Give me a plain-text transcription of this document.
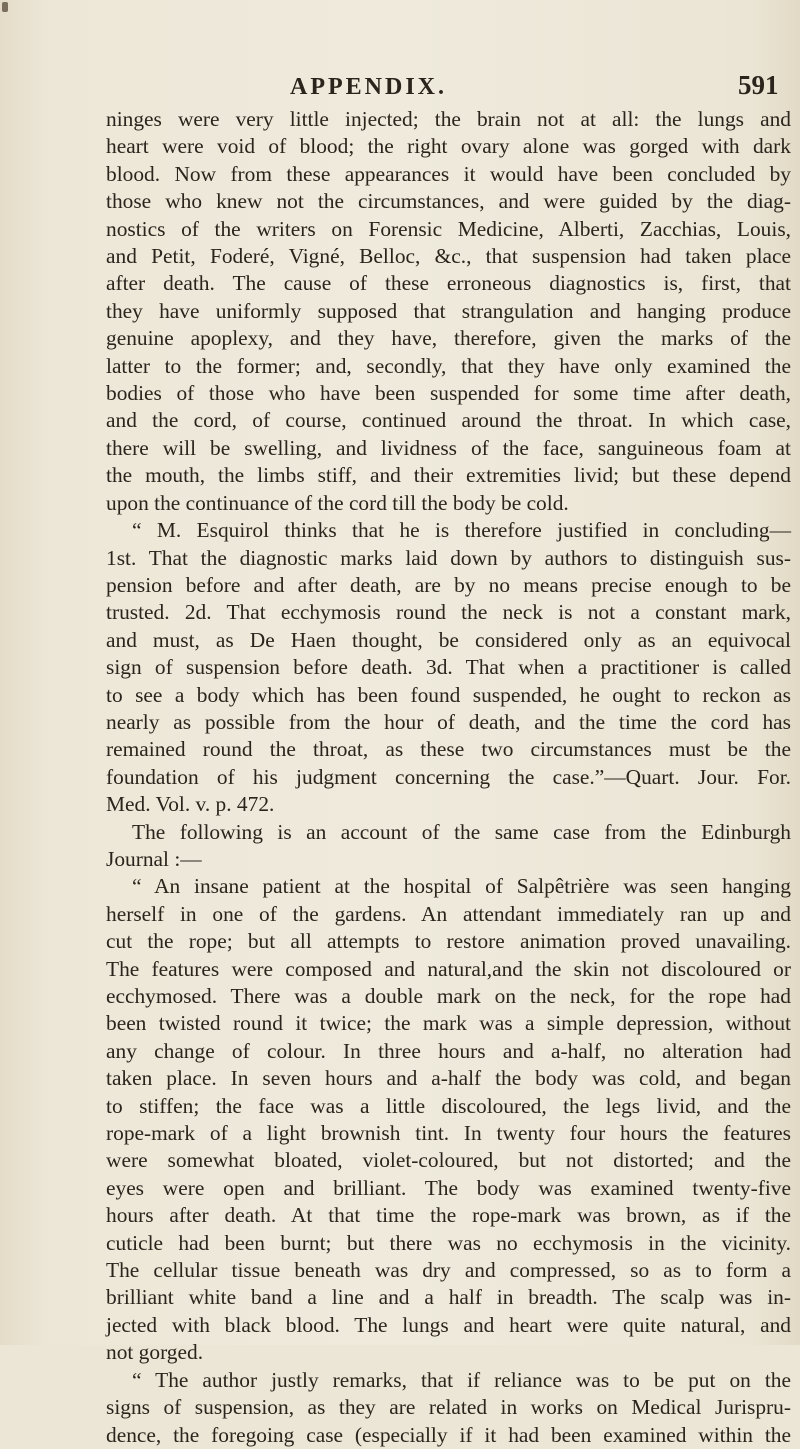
APPENDIX.	591

ninges were very little injected; the brain not at all: the lungs and
heart were void of blood; the right ovary alone was gorged with dark
blood. Now from these appearances it would have been concluded by
those who knew not the circumstances, and were guided by the diag-
nostics of the writers on Forensic Medicine, Alberti, Zacchias, Louis,
and Petit, Foderé, Vigné, Belloc, &c., that suspension had taken place
after death. The cause of these erroneous diagnostics is, first, that
they have uniformly supposed that strangulation and hanging produce
genuine apoplexy, and they have, therefore, given the marks of the
latter to the former; and, secondly, that they have only examined the
bodies of those who have been suspended for some time after death,
and the cord, of course, continued around the throat. In which case,
there will be swelling, and lividness of the face, sanguineous foam at
the mouth, the limbs stiff, and their extremities livid; but these depend
upon the continuance of the cord till the body be cold.

“ M. Esquirol thinks that he is therefore justified in concluding—
1st. That the diagnostic marks laid down by authors to distinguish sus-
pension before and after death, are by no means precise enough to be
trusted. 2d. That ecchymosis round the neck is not a constant mark,
and must, as De Haen thought, be considered only as an equivocal
sign of suspension before death. 3d. That when a practitioner is called
to see a body which has been found suspended, he ought to reckon as
nearly as possible from the hour of death, and the time the cord has
remained round the throat, as these two circumstances must be the
foundation of his judgment concerning the case.”—Quart. Jour. For.
Med. Vol. v. p. 472.

The following is an account of the same case from the Edinburgh
Journal :—

“ An insane patient at the hospital of Salpêtrière was seen hanging
herself in one of the gardens. An attendant immediately ran up and
cut the rope; but all attempts to restore animation proved unavailing.
The features were composed and natural,and the skin not discoloured or
ecchymosed. There was a double mark on the neck, for the rope had
been twisted round it twice; the mark was a simple depression, without
any change of colour. In three hours and a-half, no alteration had
taken place. In seven hours and a-half the body was cold, and began
to stiffen; the face was a little discoloured, the legs livid, and the
rope-mark of a light brownish tint. In twenty four hours the features
were somewhat bloated, violet-coloured, but not distorted; and the
eyes were open and brilliant. The body was examined twenty-five
hours after death. At that time the rope-mark was brown, as if the
cuticle had been burnt; but there was no ecchymosis in the vicinity.
The cellular tissue beneath was dry and compressed, so as to form a
brilliant white band a line and a half in breadth. The scalp was in-
jected with black blood. The lungs and heart were quite natural, and
not gorged.

“ The author justly remarks, that if reliance was to be put on the
signs of suspension, as they are related in works on Medical Jurispru-
dence, the foregoing case (especially if it had been examined within the
